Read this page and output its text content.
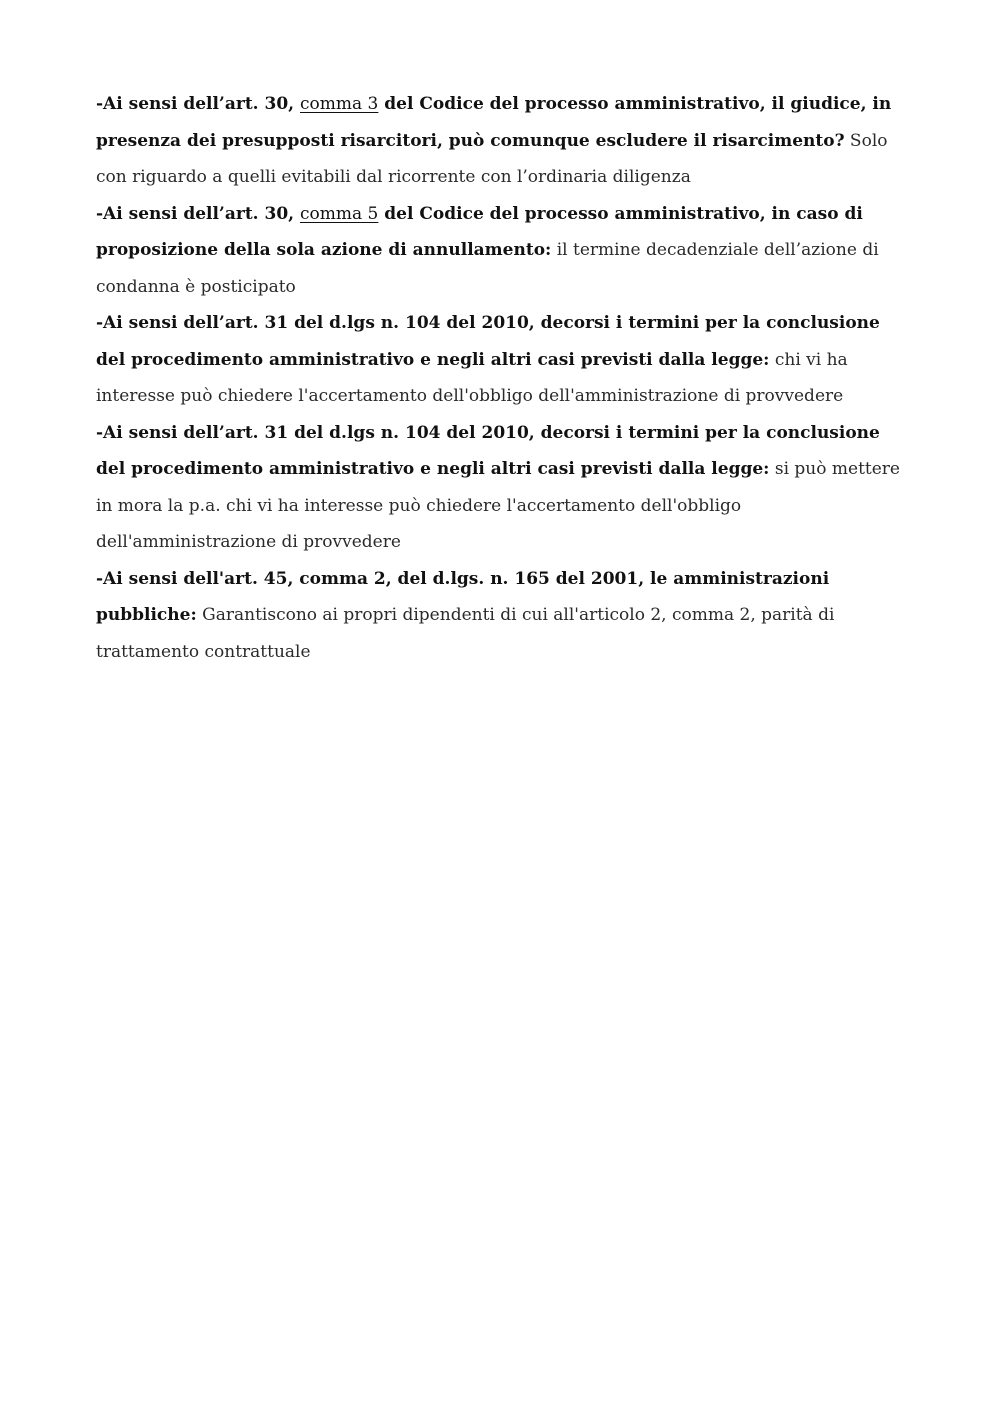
-Ai sensi dell’art. 30, comma 3 del Codice del processo amministrativo, il giudice, in presenza dei presupposti risarcitori, può comunque escludere il risarcimento? Solo con riguardo a quelli evitabili dal ricorrente con l’ordinaria diligenza

-Ai sensi dell’art. 30, comma 5 del Codice del processo amministrativo, in caso di proposizione della sola azione di annullamento: il termine decadenziale dell’azione di condanna è posticipato

-Ai sensi dell’art. 31 del d.lgs n. 104 del 2010, decorsi i termini per la conclusione del procedimento amministrativo e negli altri casi previsti dalla legge: chi vi ha interesse può chiedere l'accertamento dell'obbligo dell'amministrazione di provvedere

-Ai sensi dell’art. 31 del d.lgs n. 104 del 2010, decorsi i termini per la conclusione del procedimento amministrativo e negli altri casi previsti dalla legge: si può mettere in mora la p.a. chi vi ha interesse può chiedere l'accertamento dell'obbligo dell'amministrazione di provvedere

-Ai sensi dell'art. 45, comma 2, del d.lgs. n. 165 del 2001, le amministrazioni pubbliche: Garantiscono ai propri dipendenti di cui all'articolo 2, comma 2, parità di trattamento contrattuale
